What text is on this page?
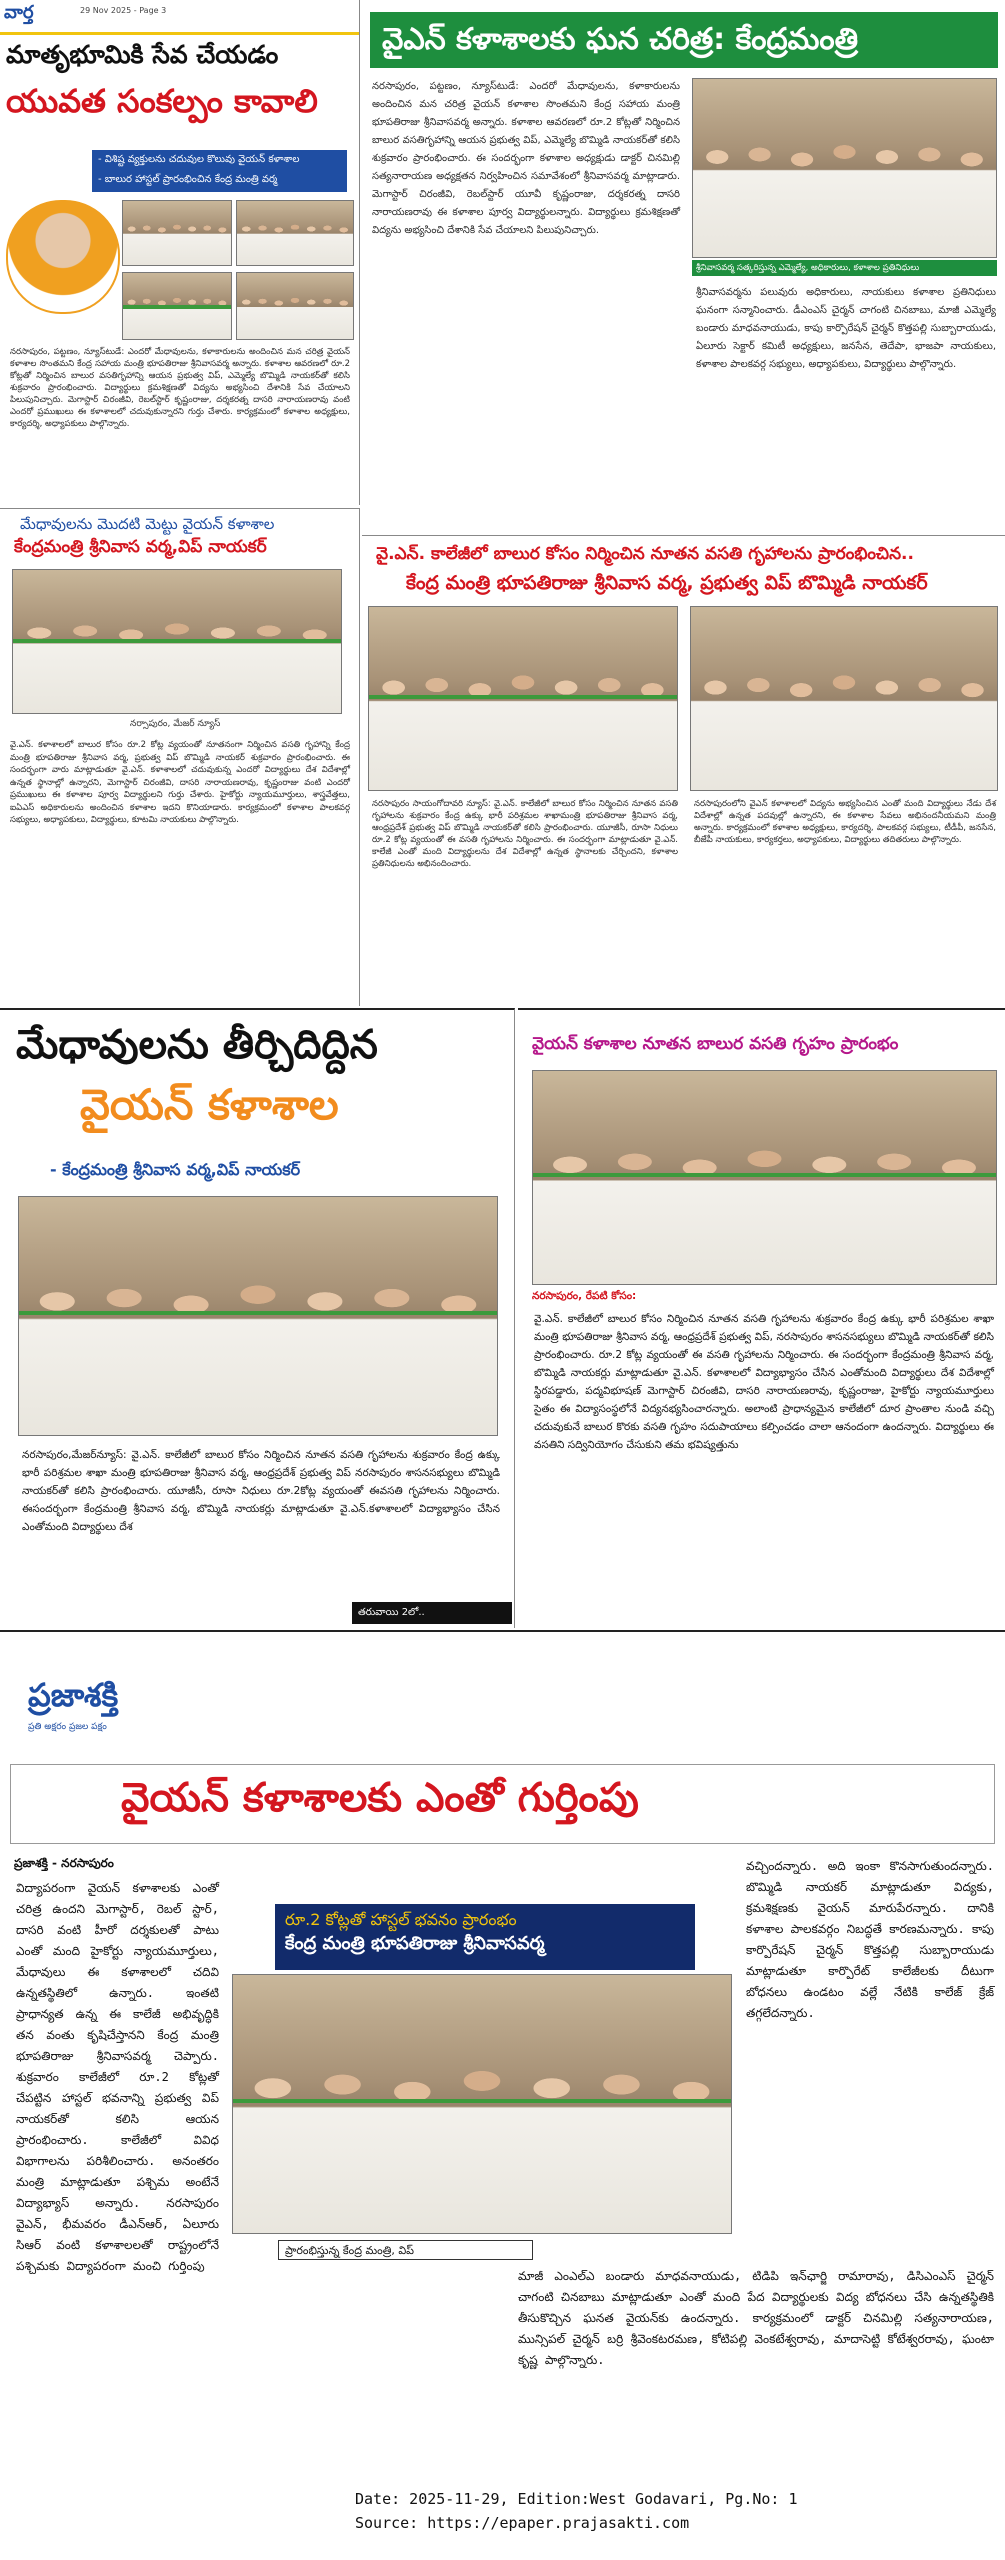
వార్త	29 Nov 2025 - Page 3
మాతృభూమికి సేవ చేయడం
యువత సంకల్పం కావాలి
- విశిష్ట వ్యక్తులను చదువుల కొలువు వైయన్ కళాశాల
- బాలుర హాస్టల్ ప్రారంభించిన కేంద్ర మంత్రి వర్మ
నరసాపురం, పట్టణం, న్యూస్‌టుడే: ఎందరో మేధావులను, కళాకారులను అందించిన మన చరిత్ర వైయన్ కళాశాల సొంతమని కేంద్ర సహాయ మంత్రి భూపతిరాజు శ్రీనివాసవర్మ అన్నారు. కళాశాల ఆవరణలో రూ.2 కోట్లతో నిర్మించిన బాలుర వసతిగృహాన్ని ఆయన ప్రభుత్వ విప్, ఎమ్మెల్యే బొమ్మిడి నాయకర్‌తో కలిసి శుక్రవారం ప్రారంభించారు. విద్యార్థులు క్రమశిక్షణతో విద్యను అభ్యసించి దేశానికి సేవ చేయాలని పిలుపునిచ్చారు. మెగాస్టార్ చిరంజీవి, రెబల్‌స్టార్ కృష్ణంరాజు, దర్శకరత్న దాసరి నారాయణరావు వంటి ఎందరో ప్రముఖులు ఈ కళాశాలలో చదువుకున్నారని గుర్తు చేశారు. కార్యక్రమంలో కళాశాల అధ్యక్షులు, కార్యదర్శి, అధ్యాపకులు పాల్గొన్నారు.
మేధావులను మొదటి మెట్టు వైయన్ కళాశాల
కేంద్రమంత్రి శ్రీనివాస వర్మ,విప్ నాయకర్
నర్సాపురం, మేజర్ న్యూస్
వై.ఎన్. కళాశాలలో బాలుర కోసం రూ.2 కోట్ల వ్యయంతో నూతనంగా నిర్మించిన వసతి గృహాన్ని కేంద్ర మంత్రి భూపతిరాజు శ్రీనివాస వర్మ, ప్రభుత్వ విప్ బొమ్మిడి నాయకర్ శుక్రవారం ప్రారంభించారు. ఈ సందర్భంగా వారు మాట్లాడుతూ వై.ఎన్. కళాశాలలో చదువుకున్న ఎందరో విద్యార్థులు దేశ విదేశాల్లో ఉన్నత స్థానాల్లో ఉన్నారని, మెగాస్టార్ చిరంజీవి, దాసరి నారాయణరావు, కృష్ణంరాజు వంటి ఎందరో ప్రముఖులు ఈ కళాశాల పూర్వ విద్యార్థులని గుర్తు చేశారు. హైకోర్టు న్యాయమూర్తులు, శాస్త్రవేత్తలు, ఐఏఎస్ అధికారులను అందించిన కళాశాల ఇదని కొనియాడారు. కార్యక్రమంలో కళాశాల పాలకవర్గ సభ్యులు, అధ్యాపకులు, విద్యార్థులు, కూటమి నాయకులు పాల్గొన్నారు.
వైఎన్ కళాశాలకు ఘన చరిత్ర: కేంద్రమంత్రి
నరసాపురం, పట్టణం, న్యూస్‌టుడే: ఎందరో మేధావులను, కళాకారులను అందించిన మన చరిత్ర వైయన్ కళాశాల సొంతమని కేంద్ర సహాయ మంత్రి భూపతిరాజు శ్రీనివాసవర్మ అన్నారు. కళాశాల ఆవరణలో రూ.2 కోట్లతో నిర్మించిన బాలుర వసతిగృహాన్ని ఆయన ప్రభుత్వ విప్, ఎమ్మెల్యే బొమ్మిడి నాయకర్‌తో కలిసి శుక్రవారం ప్రారంభించారు. ఈ సందర్భంగా కళాశాల అధ్యక్షుడు డాక్టర్ చినమిల్లి సత్యనారాయణ అధ్యక్షతన నిర్వహించిన సమావేశంలో శ్రీనివాసవర్మ మాట్లాడారు. మెగాస్టార్ చిరంజీవి, రెబల్‌స్టార్ యూవీ కృష్ణంరాజు, దర్శకరత్న దాసరి నారాయణరావు ఈ కళాశాల పూర్వ విద్యార్థులన్నారు. విద్యార్థులు క్రమశిక్షణతో విద్యను అభ్యసించి దేశానికి సేవ చేయాలని పిలుపునిచ్చారు.
శ్రీనివాసవర్మ సత్కరిస్తున్న ఎమ్మెల్యే, అధికారులు, కళాశాల ప్రతినిధులు
శ్రీనివాసవర్మను పలువురు అధికారులు, నాయకులు కళాశాల ప్రతినిధులు ఘనంగా సన్మానించారు. డీఎంఎస్ చైర్మన్ చాగంటి చినబాబు, మాజీ ఎమ్మెల్యే బండారు మాధవనాయుడు, కాపు కార్పొరేషన్ చైర్మన్ కొత్తపల్లి సుబ్బారాయుడు, ఏలూరు సెక్టార్ కమిటీ అధ్యక్షులు, జనసేన, తెదేపా, భాజపా నాయకులు, కళాశాల పాలకవర్గ సభ్యులు, అధ్యాపకులు, విద్యార్థులు పాల్గొన్నారు.
వై.ఎన్. కాలేజీలో బాలుర కోసం నిర్మించిన నూతన వసతి గృహాలను ప్రారంభించిన..
కేంద్ర మంత్రి భూపతిరాజు శ్రీనివాస వర్మ, ప్రభుత్వ విప్ బొమ్మిడి నాయకర్
నరసాపురం సాయంగోదావరి న్యూస్: వై.ఎన్. కాలేజీలో బాలుర కోసం నిర్మించిన నూతన వసతి గృహాలను శుక్రవారం కేంద్ర ఉక్కు భారీ పరిశ్రమల శాఖామంత్రి భూపతిరాజు శ్రీనివాస వర్మ, ఆంధ్రప్రదేశ్ ప్రభుత్వ విప్ బొమ్మిడి నాయకర్‌తో కలిసి ప్రారంభించారు. యూజీసీ, రూసా నిధులు రూ.2 కోట్ల వ్యయంతో ఈ వసతి గృహాలను నిర్మించారు. ఈ సందర్భంగా మాట్లాడుతూ వై.ఎన్. కాలేజీ ఎంతో మంది విద్యార్థులను దేశ విదేశాల్లో ఉన్నత స్థానాలకు చేర్చిందని, కళాశాల ప్రతినిధులను అభినందించారు.
నరసాపురంలోని వైఎన్ కళాశాలలో విద్యను అభ్యసించిన ఎంతో మంది విద్యార్థులు నేడు దేశ విదేశాల్లో ఉన్నత పదవుల్లో ఉన్నారని, ఈ కళాశాల సేవలు అభినందనీయమని మంత్రి అన్నారు. కార్యక్రమంలో కళాశాల అధ్యక్షులు, కార్యదర్శి, పాలకవర్గ సభ్యులు, టీడీపీ, జనసేన, బీజేపీ నాయకులు, కార్యకర్తలు, అధ్యాపకులు, విద్యార్థులు తదితరులు పాల్గొన్నారు.
మేధావులను తీర్చిదిద్దిన
వైయన్ కళాశాల
- కేంద్రమంత్రి శ్రీనివాస వర్మ,విప్ నాయకర్
నరసాపురం,మేజర్‌న్యూస్: వై.ఎన్. కాలేజీలో బాలుర కోసం నిర్మించిన నూతన వసతి గృహాలను శుక్రవారం కేంద్ర ఉక్కు భారీ పరిశ్రమల శాఖా మంత్రి భూపతిరాజు శ్రీనివాస వర్మ, ఆంధ్రప్రదేశ్ ప్రభుత్వ విప్ నరసాపురం శాసనసభ్యులు బొమ్మిడి నాయకర్‌తో కలిసి ప్రారంభించారు. యూజీసీ, రూసా నిధులు రూ.2కోట్ల వ్యయంతో ఈవసతి గృహాలను నిర్మించారు. ఈసందర్భంగా కేంద్రమంత్రి శ్రీనివాస వర్మ, బొమ్మిడి నాయకర్లు మాట్లాడుతూ వై.ఎన్.కళాశాలలో విద్యాభ్యాసం చేసిన ఎంతోమంది విద్యార్థులు దేశ
తరువాయి 2లో..
వైయన్ కళాశాల నూతన బాలుర వసతి గృహం ప్రారంభం
నరసాపురం, రేపటి కోసం:
వై.ఎన్. కాలేజీలో బాలుర కోసం నిర్మించిన నూతన వసతి గృహాలను శుక్రవారం కేంద్ర ఉక్కు భారీ పరిశ్రమల శాఖా మంత్రి భూపతిరాజు శ్రీనివాస వర్మ, ఆంధ్రప్రదేశ్ ప్రభుత్వ విప్, నరసాపురం శాసనసభ్యులు బొమ్మిడి నాయకర్‌తో కలిసి ప్రారంభించారు. రూ.2 కోట్ల వ్యయంతో ఈ వసతి గృహాలను నిర్మించారు. ఈ సందర్భంగా కేంద్రమంత్రి శ్రీనివాస వర్మ, బొమ్మిడి నాయకర్లు మాట్లాడుతూ వై.ఎన్. కళాశాలలో విద్యాభ్యాసం చేసిన ఎంతోమంది విద్యార్థులు దేశ విదేశాల్లో స్థిరపడ్డారు, పద్మవిభూషణ్ మెగాస్టార్ చిరంజీవి, దాసరి నారాయణరావు, కృష్ణంరాజు, హైకోర్టు న్యాయమూర్తులు సైతం ఈ విద్యాసంస్థలోనే విద్యనభ్యసించారన్నారు. అలాంటి ప్రాధాన్యమైన కాలేజీలో దూర ప్రాంతాల నుండి వచ్చి చదువుకునే బాలుర కొరకు వసతి గృహం సదుపాయాలు కల్పించడం చాలా ఆనందంగా ఉందన్నారు. విద్యార్థులు ఈ వసతిని సద్వినియోగం చేసుకుని తమ భవిష్యత్తును
ప్రజాశక్తి
ప్రతి అక్షరం ప్రజల పక్షం
వైయన్ కళాశాలకు ఎంతో గుర్తింపు
ప్రజాశక్తి - నరసాపురం
విద్యాపరంగా వైయన్ కళాశాలకు ఎంతో చరిత్ర ఉందని మెగాస్టార్, రెబల్ స్టార్, దాసరి వంటి హీరో దర్శకులతో పాటు ఎంతో మంది హైకోర్టు న్యాయమూర్తులు, మేధావులు ఈ కళాశాలలో చదివి ఉన్నతస్థితిలో ఉన్నారు. ఇంతటి ప్రాధాన్యత ఉన్న ఈ కాలేజీ అభివృద్ధికి తన వంతు కృషిచేస్తానని కేంద్ర మంత్రి భూపతిరాజు శ్రీనివాసవర్మ చెప్పారు. శుక్రవారం కాలేజీలో రూ.2 కోట్లతో చేపట్టిన హాస్టల్ భవనాన్ని ప్రభుత్వ విప్ నాయకర్‌తో కలిసి ఆయన ప్రారంభించారు. కాలేజీలో వివిధ విభాగాలను పరిశీలించారు. అనంతరం మంత్రి మాట్లాడుతూ పశ్చిమ అంటేనే విద్యాభ్యాస్ అన్నారు. నరసాపురం వైఎన్, భీమవరం డీఎన్ఆర్, ఏలూరు సిఆర్ వంటి కళాశాలలతో రాష్ట్రంలోనే పశ్చిమకు విద్యాపరంగా మంచి గుర్తింపు
రూ.2 కోట్లతో హాస్టల్ భవనం ప్రారంభం
కేంద్ర మంత్రి భూపతిరాజు శ్రీనివాసవర్మ
ప్రారంభిస్తున్న కేంద్ర మంత్రి, విప్
వచ్చిందన్నారు. అది ఇంకా కొనసాగుతుందన్నారు. బొమ్మిడి నాయకర్ మాట్లాడుతూ విద్యకు, క్రమశిక్షణకు వైయన్ మారుపేరన్నారు. దానికి కళాశాల పాలకవర్గం నిబద్ధతే కారణమన్నారు. కాపు కార్పొరేషన్ చైర్మన్ కొత్తపల్లి సుబ్బారాయుడు మాట్లాడుతూ కార్పొరేట్ కాలేజీలకు దీటుగా బోధనలు ఉండటం వల్లే నేటికి కాలేజ్ క్రేజ్ తగ్గలేదన్నారు.
మాజీ ఎంఎల్ఎ బండారు మాధవనాయుడు, టిడిపి ఇన్‌ఛార్జి రామారావు, డిసిఎంఎస్ చైర్మన్ చాగంటి చినబాబు మాట్లాడుతూ ఎంతో మంది పేద విద్యార్థులకు విద్య బోధనలు చేసి ఉన్నతస్థితికి తీసుకొచ్చిన ఘనత వైయన్‌కు ఉందన్నారు. కార్యక్రమంలో డాక్టర్ చినమిల్లి సత్యనారాయణ, మున్సిపల్ చైర్మన్ బర్రి శ్రీవెంకటరమణ, కోటిపల్లి వెంకటేశ్వరావు, మాదాసెట్టి కోటేశ్వరరావు, ఘంటా కృష్ణ పాల్గొన్నారు.
Date: 2025-11-29, Edition:West Godavari, Pg.No: 1
Source: https://epaper.prajasakti.com
